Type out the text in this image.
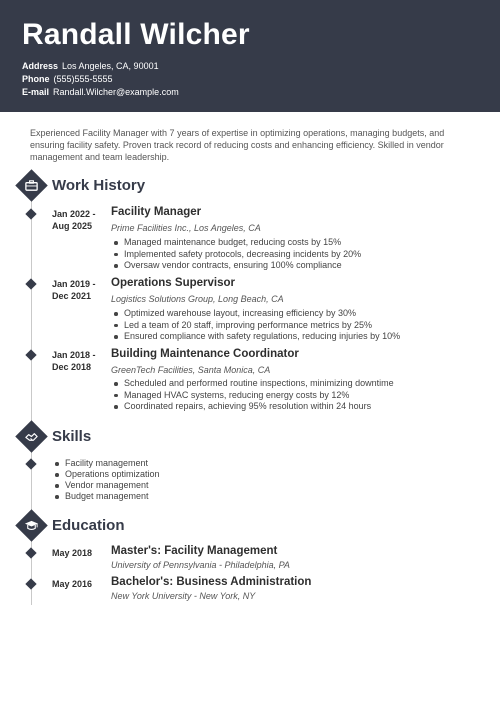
Randall Wilcher
Address Los Angeles, CA, 90001
Phone (555)555-5555
E-mail Randall.Wilcher@example.com
Experienced Facility Manager with 7 years of expertise in optimizing operations, managing budgets, and ensuring facility safety. Proven track record of reducing costs and enhancing efficiency. Skilled in vendor management and team leadership.
Work History
Jan 2022 -
Aug 2025
Facility Manager
Prime Facilities Inc., Los Angeles, CA
Managed maintenance budget, reducing costs by 15%
Implemented safety protocols, decreasing incidents by 20%
Oversaw vendor contracts, ensuring 100% compliance
Jan 2019 -
Dec 2021
Operations Supervisor
Logistics Solutions Group, Long Beach, CA
Optimized warehouse layout, increasing efficiency by 30%
Led a team of 20 staff, improving performance metrics by 25%
Ensured compliance with safety regulations, reducing injuries by 10%
Jan 2018 -
Dec 2018
Building Maintenance Coordinator
GreenTech Facilities, Santa Monica, CA
Scheduled and performed routine inspections, minimizing downtime
Managed HVAC systems, reducing energy costs by 12%
Coordinated repairs, achieving 95% resolution within 24 hours
Skills
Facility management
Operations optimization
Vendor management
Budget management
Education
May 2018	Master's: Facility Management
University of Pennsylvania - Philadelphia, PA
May 2016	Bachelor's: Business Administration
New York University - New York, NY
